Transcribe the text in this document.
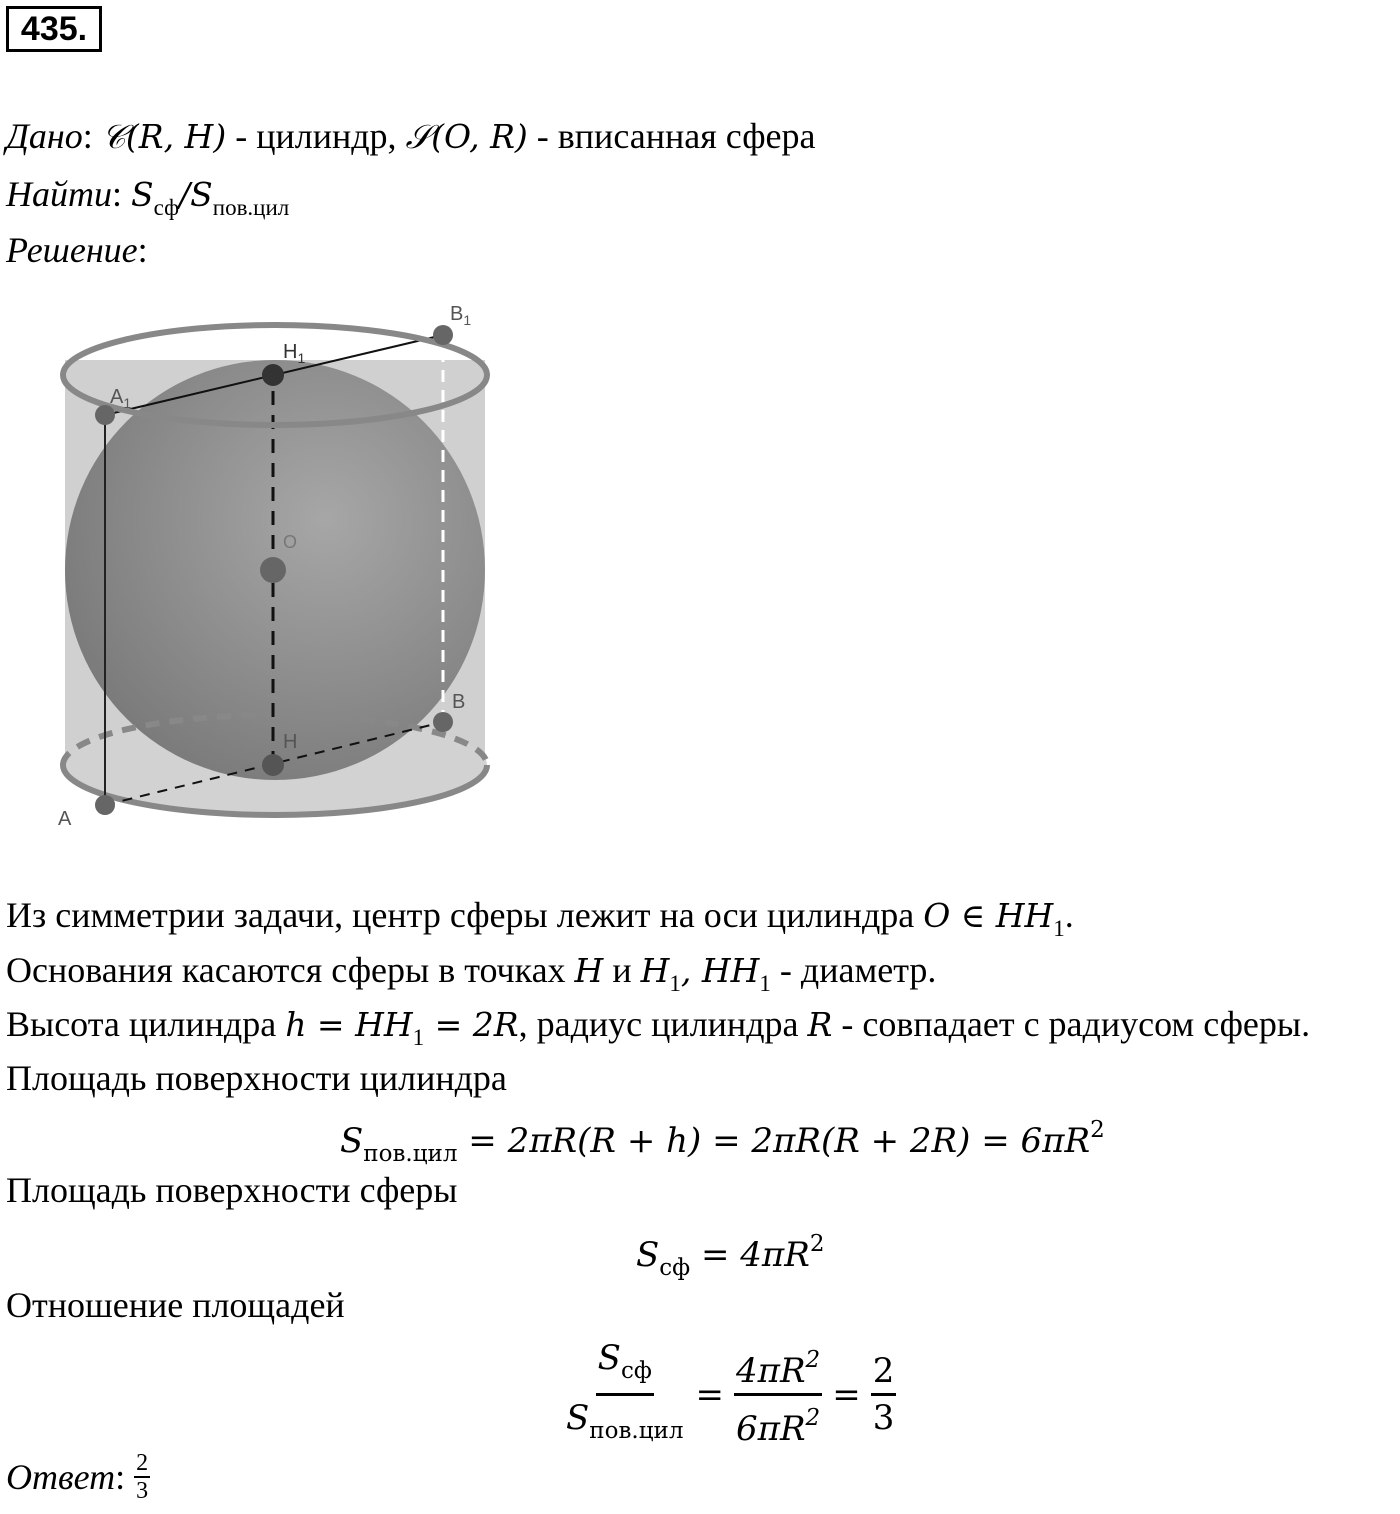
435.
Дано: 𝒞(R, H) - цилиндр, 𝒮(O, R) - вписанная сфера
Найти: $S_{сф}/S_{пов.цил}$
Решение:
A
$A_1$
B
$B_1$
H
$H_1$
O
Из симметрии задачи, центр сферы лежит на оси цилиндра O ∈ $HH_1$.
Основания касаются сферы в точках H и $H_1$, $HH_1$ - диаметр.
Высота цилиндра $h = HH_1 = 2R$, радиус цилиндра R - совпадает с радиусом сферы.
Площадь поверхности цилиндра
$S_{пов.цил} = 2\pi R(R + h) = 2\pi R(R + 2R) = 6\pi R^2$
Площадь поверхности сферы
$S_{сф} = 4\pi R^2$
Отношение площадей
$\frac{S_{сф}}{S_{пов.цил}} = \frac{4\pi R^2}{6\pi R^2} = \frac{2}{3}$
Ответ : $\frac{2}{3}$
